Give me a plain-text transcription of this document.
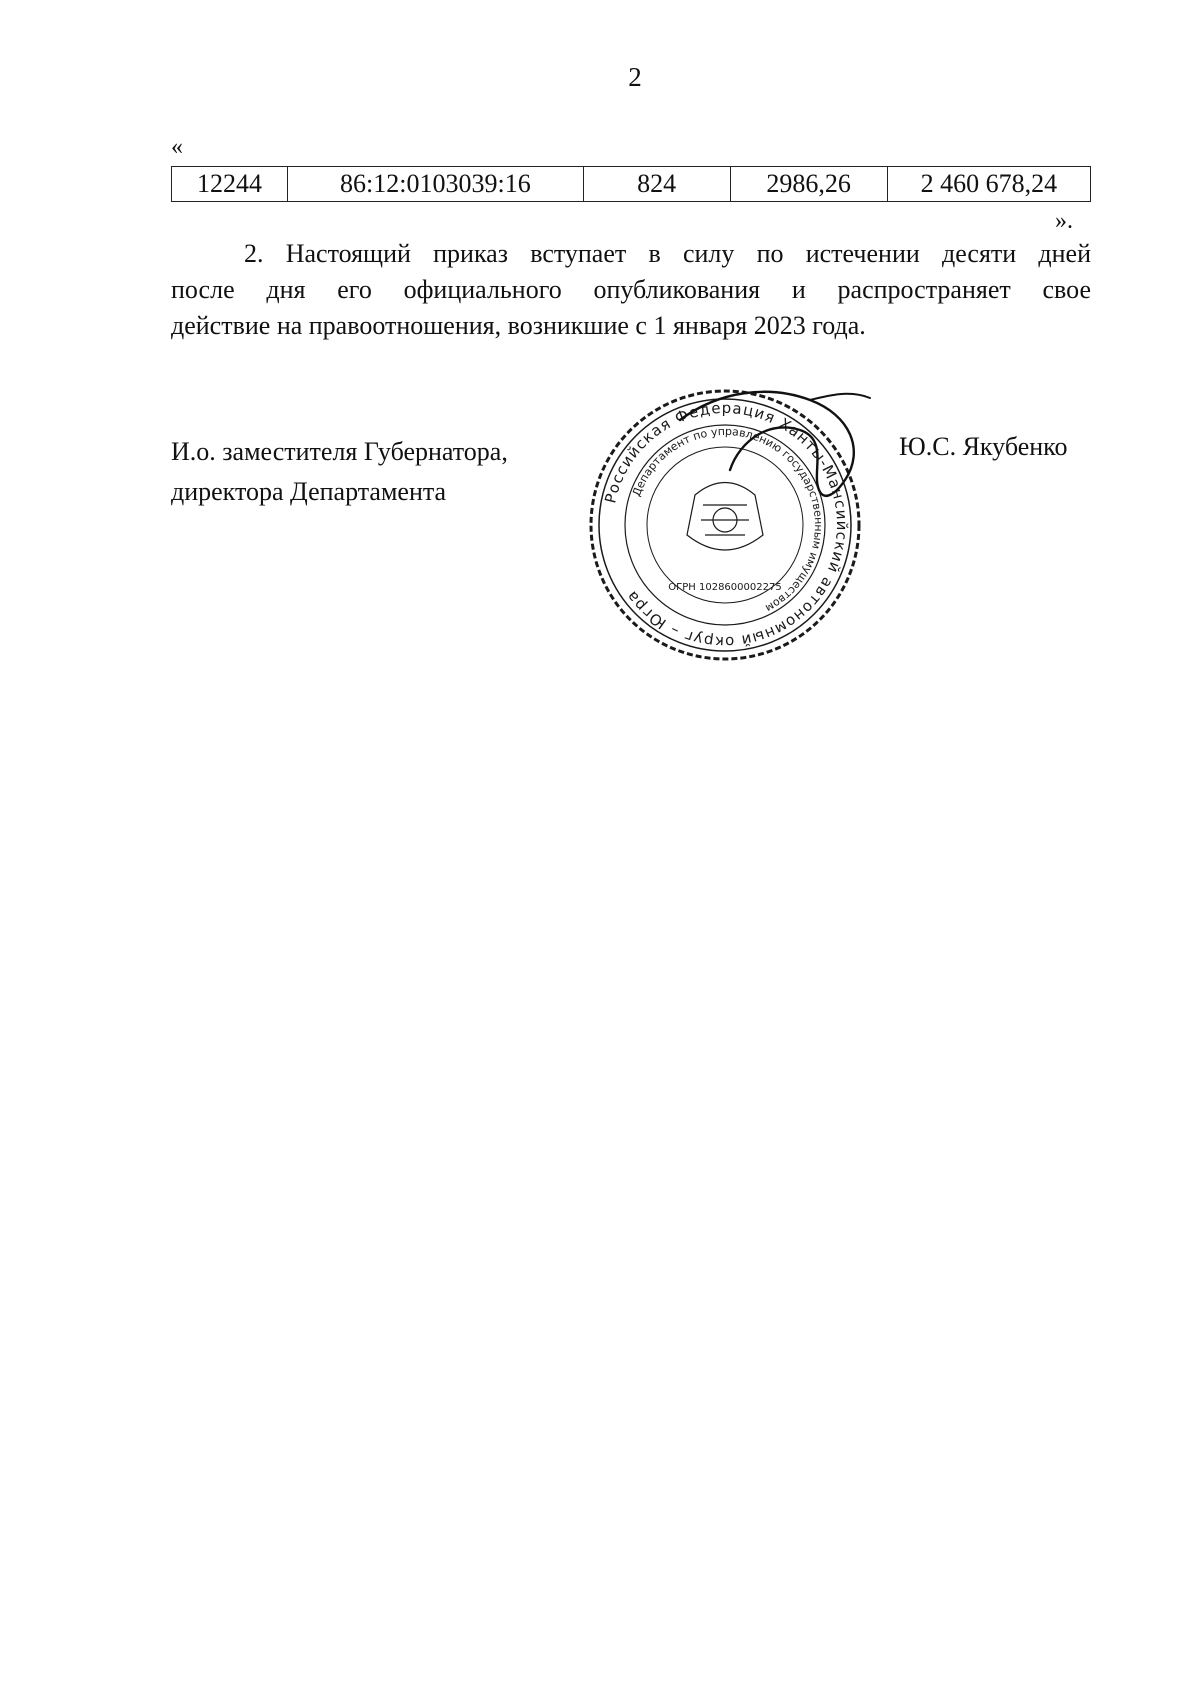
2
«
12244	86:12:0103039:16	824	2986,26	2 460 678,24
».

2. Настоящий приказ вступает в силу по истечении десяти дней

после дня его официального опубликования и распространяет свое
действие на правоотношения, возникшие с 1 января 2023 года.
И.о. заместителя Губернатора,
директора Департамента
Ю.С. Якубенко
Российская Федерация Ханты-Мансийский автономный округ – Югра
Департамент по управлению государственным имуществом
ОГРН 1028600002275
